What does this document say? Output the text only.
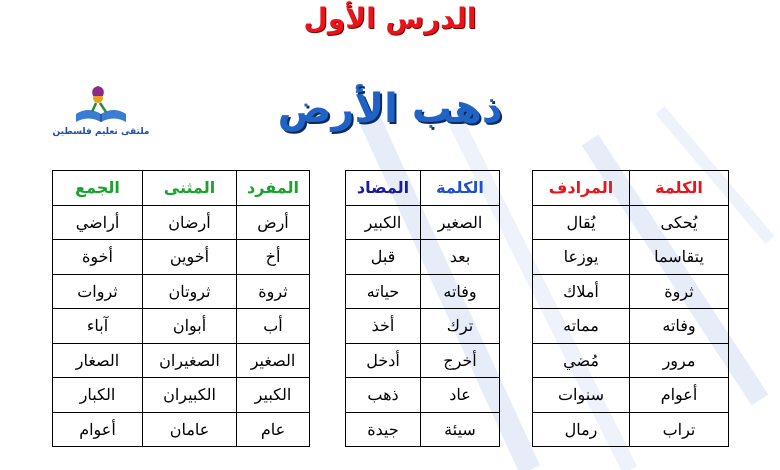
الدرس الأول
ذهب الأرض
ملتقى تعليم فلسطين
الكلمة	المرادف
يُحكى	يُقال
يتقاسما	يوزعا
ثروة	أملاك
وفاته	مماته
مرور	مُضي
أعوام	سنوات
تراب	رمال
الكلمة	المضاد
الصغير	الكبير
بعد	قبل
وفاته	حياته
ترك	أخذ
أخرج	أدخل
عاد	ذهب
سيئة	جيدة
المفرد	المثنى	الجمع
أرض	أرضان	أراضي
أخ	أخوين	أخوة
ثروة	ثروتان	ثروات
أب	أبوان	آباء
الصغير	الصغيران	الصغار
الكبير	الكبيران	الكبار
عام	عامان	أعوام
